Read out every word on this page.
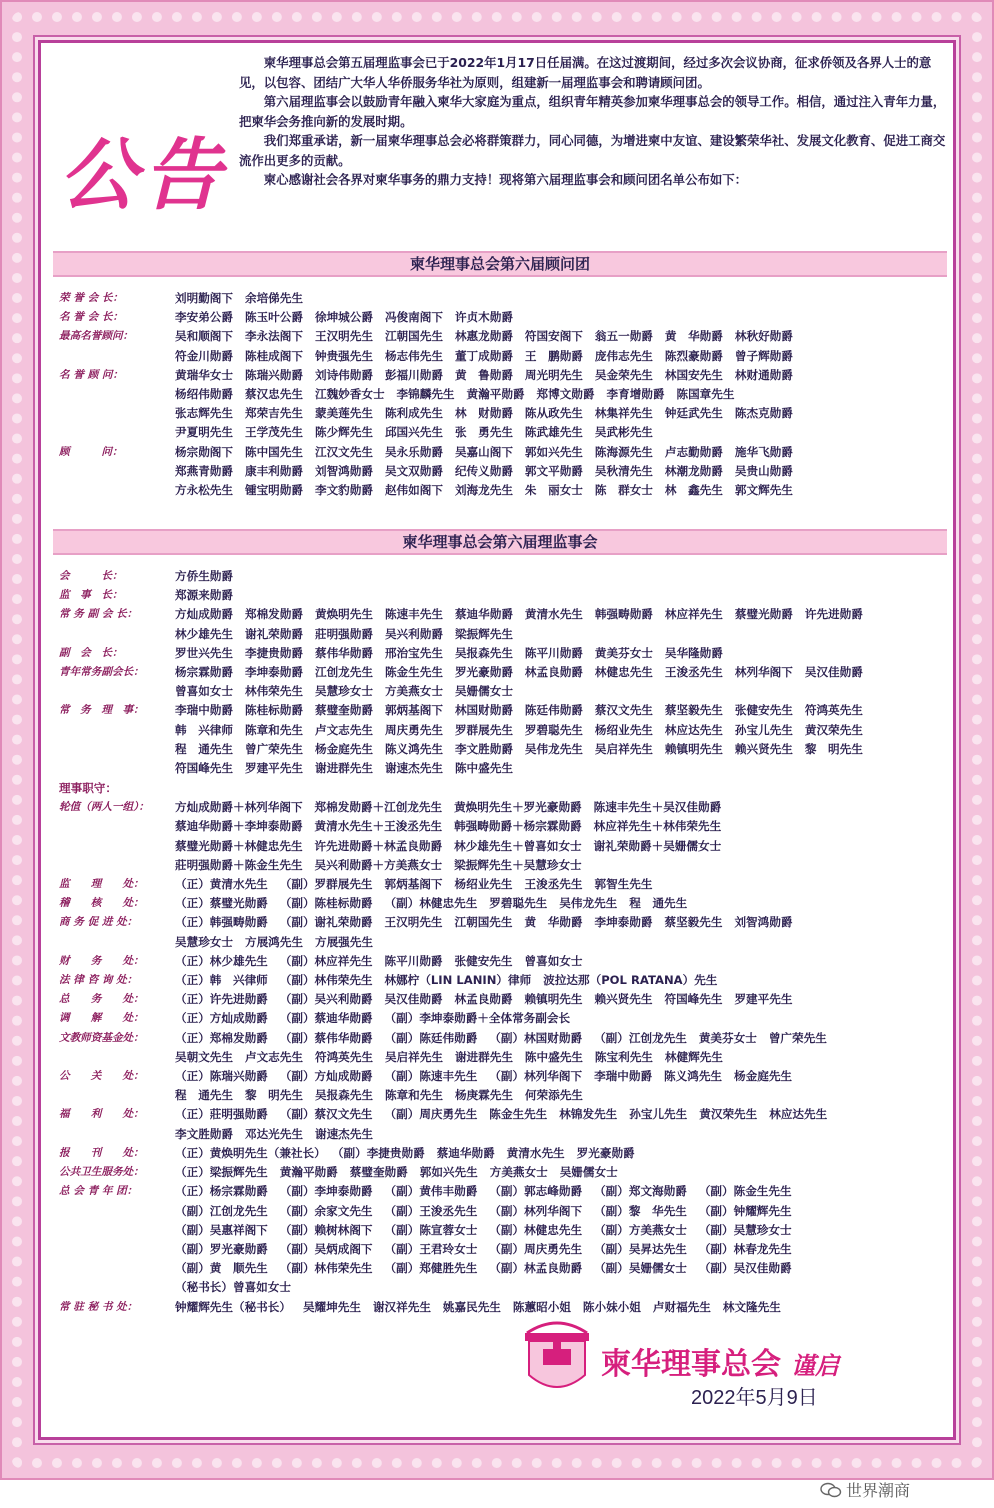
公告

柬华理事总会第五届理监事会已于2022年1月17日任届满。在这过渡期间，经过多次会议协商，征求侨领及各界人士的意见，以包容、团结广大华人华侨服务华社为原则，组建新一届理监事会和聘请顾问团。

第六届理监事会以鼓励青年融入柬华大家庭为重点，组织青年精英参加柬华理事总会的领导工作。相信，通过注入青年力量，把柬华会务推向新的发展时期。

我们郑重承诺，新一届柬华理事总会必将群策群力，同心同德，为增进柬中友谊、建设繁荣华社、发展文化教育、促进工商交流作出更多的贡献。

柬心感谢社会各界对柬华事务的鼎力支持！现将第六届理监事会和顾问团名单公布如下：

柬华理事总会第六届顾问团
荣 誉 会 长：	刘明勤阁下 余培俤先生
名 誉 会 长：	李安弟公爵 陈玉叶公爵 徐坤城公爵 冯俊南阁下 许贞木勋爵
最高名誉顾问：	吴和顺阁下 李永法阁下 王汉明先生 江朝国先生 林惠龙勋爵 符国安阁下 翁五一勋爵 黄　华勋爵 林秋好勋爵
符金川勋爵 陈桂成阁下 钟贵强先生 杨志伟先生 董丁成勋爵 王　鹏勋爵 庞伟志先生 陈烈豪勋爵 曾子辉勋爵
名 誉 顾 问：	黄瑞华女士 陈瑞兴勋爵 刘诗伟勋爵 彭福川勋爵 黄　鲁勋爵 周光明先生 吴金荣先生 林国安先生 林财通勋爵
杨绍伟勋爵 蔡汉忠先生 江魏妙香女士 李锦麟先生 黄瀚平勋爵 郑博文勋爵 李育增勋爵 陈国章先生
张志辉先生 郑荣吉先生 蒙美莲先生 陈利成先生 林　财勋爵 陈从政先生 林集祥先生 钟廷武先生 陈杰克勋爵
尹夏明先生 王学茂先生 陈少辉先生 邱国兴先生 张　勇先生 陈武雄先生 吴武彬先生
顾　　　问：	杨宗勋阁下 陈中国先生 江汉文先生 吴永乐勋爵 吴嘉山阁下 郭如兴先生 陈海源先生 卢志勤勋爵 施华飞勋爵
郑燕青勋爵 康丰利勋爵 刘智鸿勋爵 吴文双勋爵 纪传义勋爵 郭文平勋爵 吴秋清先生 林潮龙勋爵 吴贵山勋爵
方永松先生 锺宝明勋爵 李文豹勋爵 赵伟如阁下 刘海龙先生 朱　丽女士 陈　群女士 林　鑫先生 郭文辉先生
柬华理事总会第六届理监事会
会　　　长：	方侨生勋爵
监　事　长：	郑源来勋爵
常 务 副 会 长：	方灿成勋爵 郑棉发勋爵 黄焕明先生 陈速丰先生 蔡迪华勋爵 黄清水先生 韩强畴勋爵 林应祥先生 蔡璧光勋爵 许先进勋爵
林少雄先生 谢礼荣勋爵 莊明强勋爵 吴兴利勋爵 梁振辉先生
副　会　长：	罗世兴先生 李捷贵勋爵 蔡伟华勋爵 邢治宝先生 吴报森先生 陈平川勋爵 黄美芬女士 吴华隆勋爵
青年常务副会长：	杨宗霖勋爵 李坤泰勋爵 江创龙先生 陈金生先生 罗光豪勋爵 林孟良勋爵 林健忠先生 王浚丞先生 林列华阁下 吴汉佳勋爵
曾喜如女士 林伟荣先生 吴慧珍女士 方美燕女士 吴姗儒女士
常　务　理　事：	李瑞中勋爵 陈桂标勋爵 蔡璧奎勋爵 郭炳基阁下 林国财勋爵 陈廷伟勋爵 蔡汉文先生 蔡坚毅先生 张健安先生 符鸿英先生
韩　兴律师 陈章和先生 卢文志先生 周庆勇先生 罗群展先生 罗碧聪先生 杨绍业先生 林应达先生 孙宝儿先生 黄汉荣先生
程　通先生 曾广荣先生 杨金庭先生 陈义鸿先生 李文胜勋爵 吴伟龙先生 吴启祥先生 赖镇明先生 赖兴贤先生 黎　明先生
符国峰先生 罗建平先生 谢进群先生 谢速杰先生 陈中盛先生
理事职守：
轮值（两人一组）：	方灿成勋爵＋林列华阁下 郑棉发勋爵＋江创龙先生 黄焕明先生＋罗光豪勋爵 陈速丰先生＋吴汉佳勋爵
蔡迪华勋爵＋李坤泰勋爵 黄清水先生＋王浚丞先生 韩强畴勋爵＋杨宗霖勋爵 林应祥先生＋林伟荣先生
蔡璧光勋爵＋林健忠先生 许先进勋爵＋林孟良勋爵 林少雄先生＋曾喜如女士 谢礼荣勋爵＋吴姗儒女士
莊明强勋爵＋陈金生先生 吴兴利勋爵＋方美燕女士 梁振辉先生＋吴慧珍女士
监　　理　　处：	（正）黄清水先生 （副）罗群展先生 郭炳基阁下 杨绍业先生 王浚丞先生 郭智生先生
稽　　核　　处：	（正）蔡璧光勋爵 （副）陈桂标勋爵 （副）林健忠先生 罗碧聪先生 吴伟龙先生 程　通先生
商 务 促 进 处：	（正）韩强畴勋爵 （副）谢礼荣勋爵 王汉明先生 江朝国先生 黄　华勋爵 李坤泰勋爵 蔡坚毅先生 刘智鸿勋爵
吴慧珍女士 方展鸿先生 方展强先生
财　　务　　处：	（正）林少雄先生 （副）林应祥先生 陈平川勋爵 张健安先生 曾喜如女士
法 律 咨 询 处：	（正）韩　兴律师 （副）林伟荣先生 林娜柠（LIN LANIN）律师 波拉达那（POL RATANA）先生
总　　务　　处：	（正）许先进勋爵 （副）吴兴利勋爵 吴汉佳勋爵 林孟良勋爵 赖镇明先生 赖兴贤先生 符国峰先生 罗建平先生
调　　解　　处：	（正）方灿成勋爵 （副）蔡迪华勋爵 （副）李坤泰勋爵＋全体常务副会长
文教师资基金处：	（正）郑棉发勋爵 （副）蔡伟华勋爵 （副）陈廷伟勋爵 （副）林国财勋爵 （副）江创龙先生 黄美芬女士 曾广荣先生
吴朝文先生 卢文志先生 符鸿英先生 吴启祥先生 谢进群先生 陈中盛先生 陈宝利先生 林健辉先生
公　　关　　处：	（正）陈瑞兴勋爵 （副）方灿成勋爵 （副）陈速丰先生 （副）林列华阁下 李瑞中勋爵 陈义鸿先生 杨金庭先生
程　通先生 黎　明先生 吴报森先生 陈章和先生 杨庚霖先生 何荣添先生
福　　利　　处：	（正）莊明强勋爵 （副）蔡汉文先生 （副）周庆勇先生 陈金生先生 林锦发先生 孙宝儿先生 黄汉荣先生 林应达先生
李文胜勋爵 邓达光先生 谢速杰先生
报　　刊　　处：	（正）黄焕明先生（兼社长） （副）李捷贵勋爵 蔡迪华勋爵 黄清水先生 罗光豪勋爵
公共卫生服务处：	（正）梁振辉先生 黄瀚平勋爵 蔡璧奎勋爵 郭如兴先生 方美燕女士 吴姗儒女士
总 会 青 年 团：	（正）杨宗霖勋爵 （副）李坤泰勋爵 （副）黄伟丰勋爵 （副）郭志峰勋爵 （副）郑文海勋爵 （副）陈金生先生
（副）江创龙先生 （副）余家文先生 （副）王浚丞先生 （副）林列华阁下 （副）黎　华先生 （副）钟耀辉先生
（副）吴惠祥阁下 （副）赖树林阁下 （副）陈宣蓉女士 （副）林健忠先生 （副）方美燕女士 （副）吴慧珍女士
（副）罗光豪勋爵 （副）吴炳成阁下 （副）王君玲女士 （副）周庆勇先生 （副）吴昇达先生 （副）林春龙先生
（副）黄　顺先生 （副）林伟荣先生 （副）郑健胜先生 （副）林孟良勋爵 （副）吴姗儒女士 （副）吴汉佳勋爵
（秘书长）曾喜如女士
常 驻 秘 书 处：	钟耀辉先生（秘书长） 吴耀坤先生 谢汉祥先生 姚嘉民先生 陈蕙昭小姐 陈小妹小姐 卢财福先生 林文隆先生
柬华理事总会 谨启
2022年5月9日
世界潮商
